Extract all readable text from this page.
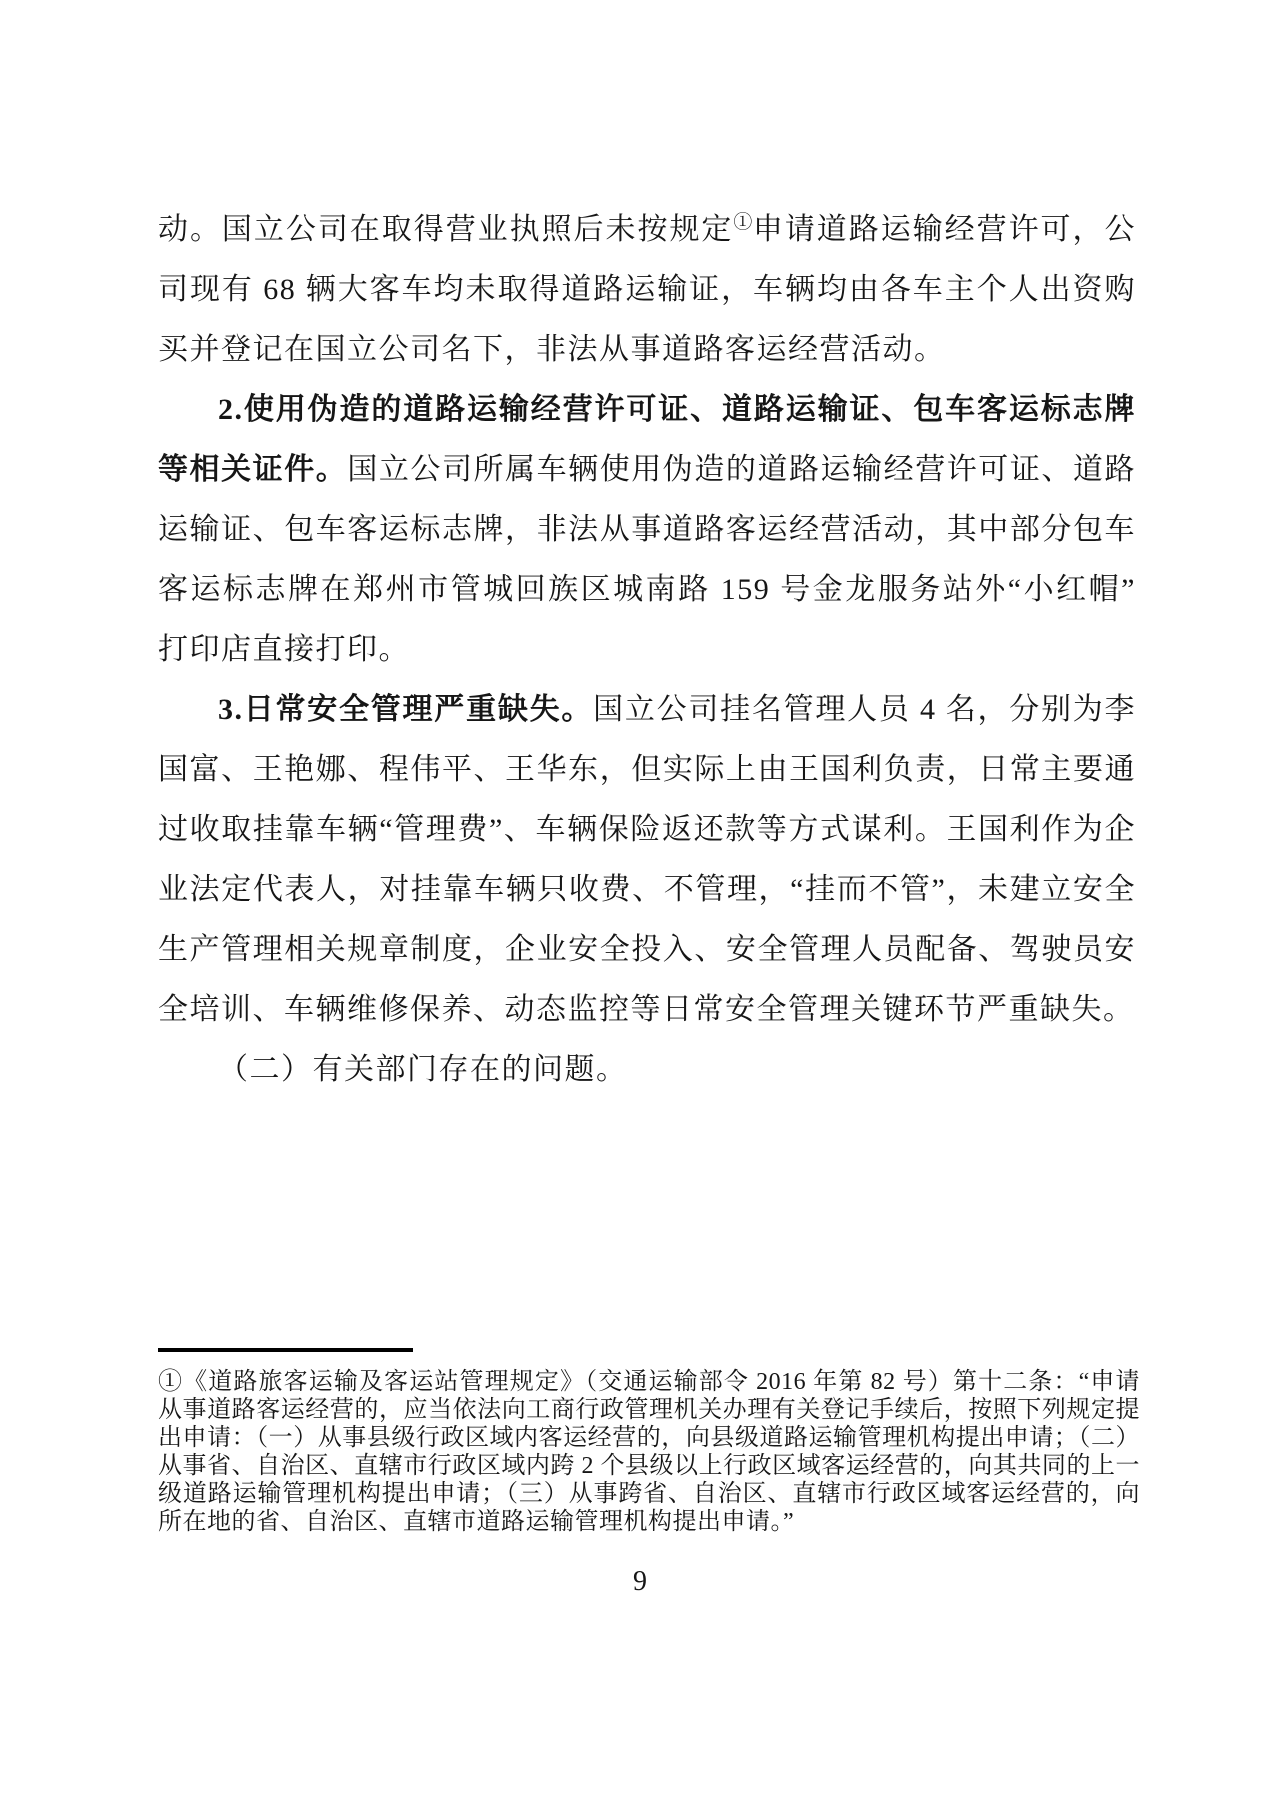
动。国立公司在取得营业执照后未按规定①申请道路运输经营许可，公司现有 68 辆大客车均未取得道路运输证，车辆均由各车主个人出资购买并登记在国立公司名下，非法从事道路客运经营活动。

2.使用伪造的道路运输经营许可证、道路运输证、包车客运标志牌等相关证件。国立公司所属车辆使用伪造的道路运输经营许可证、道路运输证、包车客运标志牌，非法从事道路客运经营活动，其中部分包车客运标志牌在郑州市管城回族区城南路 159 号金龙服务站外“小红帽”打印店直接打印。

3.日常安全管理严重缺失。国立公司挂名管理人员 4 名，分别为李国富、王艳娜、程伟平、王华东，但实际上由王国利负责，日常主要通过收取挂靠车辆“管理费”、车辆保险返还款等方式谋利。王国利作为企业法定代表人，对挂靠车辆只收费、不管理，“挂而不管”，未建立安全生产管理相关规章制度，企业安全投入、安全管理人员配备、驾驶员安全培训、车辆维修保养、动态监控等日常安全管理关键环节严重缺失。

（二）有关部门存在的问题。

①《道路旅客运输及客运站管理规定》（交通运输部令 2016 年第 82 号）第十二条：“申请从事道路客运经营的，应当依法向工商行政管理机关办理有关登记手续后，按照下列规定提出申请：（一）从事县级行政区域内客运经营的，向县级道路运输管理机构提出申请；（二）从事省、自治区、直辖市行政区域内跨 2 个县级以上行政区域客运经营的，向其共同的上一级道路运输管理机构提出申请；（三）从事跨省、自治区、直辖市行政区域客运经营的，向所在地的省、自治区、直辖市道路运输管理机构提出申请。”

9
